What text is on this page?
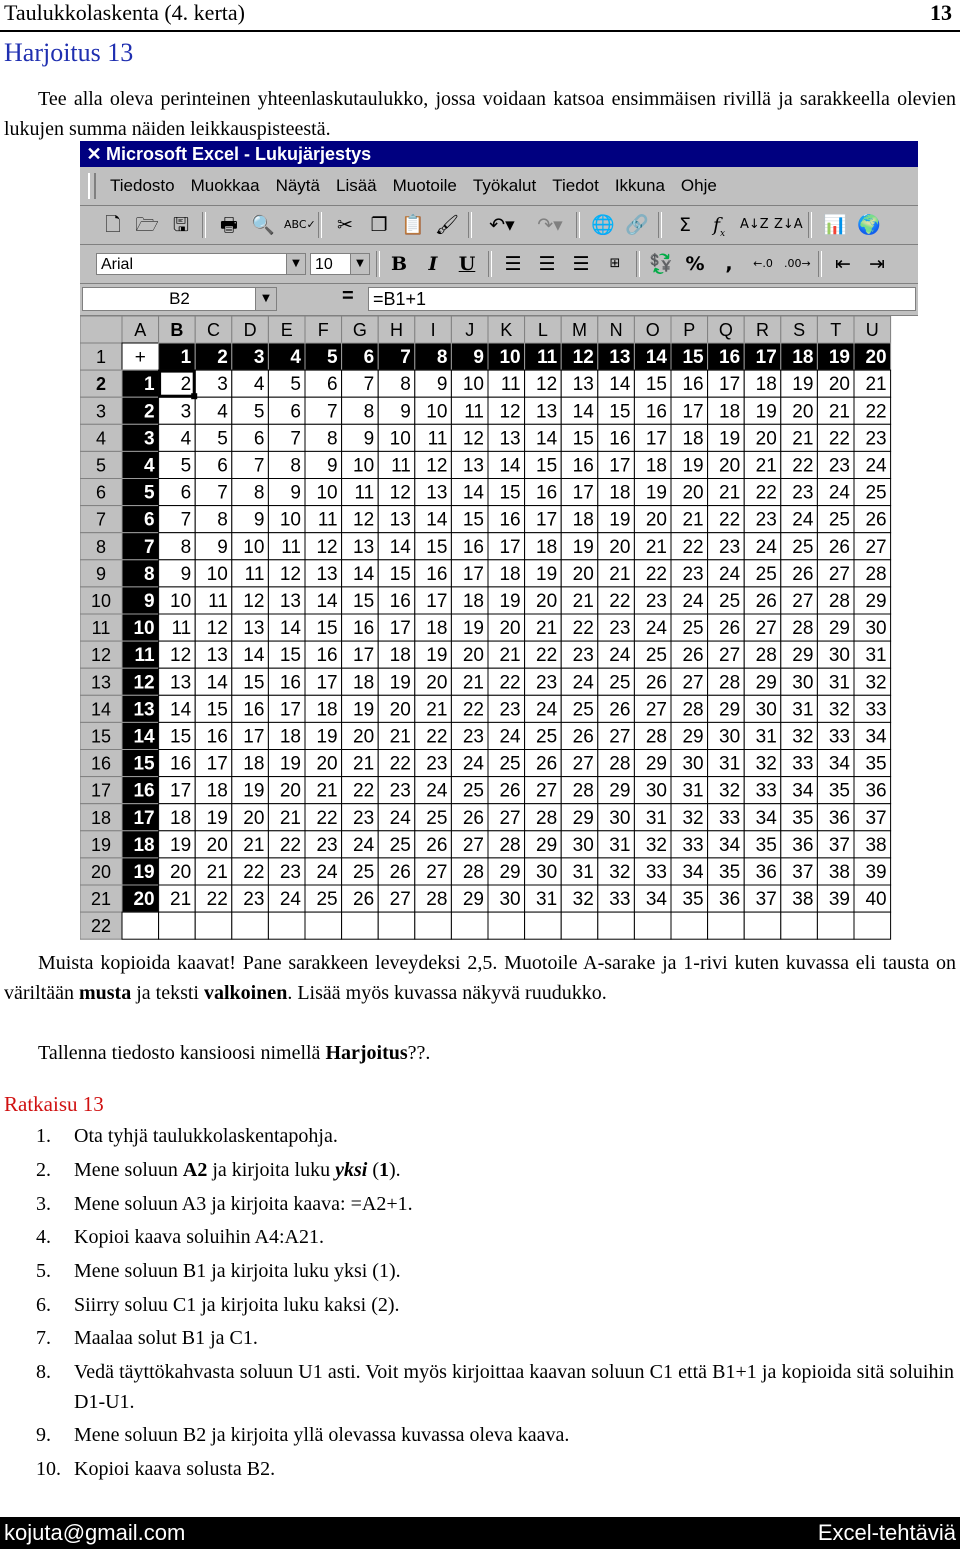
Taulukkolaskenta (4. kerta)	13
Harjoitus 13
Tee alla oleva perinteinen yhteenlaskutaulukko, jossa voidaan katsoa ensimmäisen rivillä ja sarakkeella olevien lukujen summa näiden leikkauspisteestä.
✕ Microsoft Excel - Lukujärjestys
Tiedosto Muokkaa Näytä Lisää Muotoile Työkalut Tiedot Ikkuna Ohje
🗋 🗁 🖫 🖶 🔍 ABC✓ ✂ ❐ 📋 🖌	↶▾	↷▾	🌐 🔗	Σ	$f_x$
A↓Z Z↓A 📊 🌍
Arial	▼ 10	▼ B	I	U ☰ ☰ ☰	⊞	💱 %	,	←.0 .00→ ⇤ ⇥
B2	▼	= =B1+1
A B C D E F G H I J K L M N O P Q R S T U
1 + 1 2 3 4 5 6 7 8 9 10 11 12 13 14 15 16 17 18 19 20
2 1 2 3 4 5 6 7 8 9 10 11 12 13 14 15 16 17 18 19 20 21
3 2 3 4 5 6 7 8 9 10 11 12 13 14 15 16 17 18 19 20 21 22
4 3 4 5 6 7 8 9 10 11 12 13 14 15 16 17 18 19 20 21 22 23
5 4 5 6 7 8 9 10 11 12 13 14 15 16 17 18 19 20 21 22 23 24
6 5 6 7 8 9 10 11 12 13 14 15 16 17 18 19 20 21 22 23 24 25
7 6 7 8 9 10 11 12 13 14 15 16 17 18 19 20 21 22 23 24 25 26
8 7 8 9 10 11 12 13 14 15 16 17 18 19 20 21 22 23 24 25 26 27
9 8 9 10 11 12 13 14 15 16 17 18 19 20 21 22 23 24 25 26 27 28
10 9 10 11 12 13 14 15 16 17 18 19 20 21 22 23 24 25 26 27 28 29
11 10 11 12 13 14 15 16 17 18 19 20 21 22 23 24 25 26 27 28 29 30
12 11 12 13 14 15 16 17 18 19 20 21 22 23 24 25 26 27 28 29 30 31
13 12 13 14 15 16 17 18 19 20 21 22 23 24 25 26 27 28 29 30 31 32
14 13 14 15 16 17 18 19 20 21 22 23 24 25 26 27 28 29 30 31 32 33
15 14 15 16 17 18 19 20 21 22 23 24 25 26 27 28 29 30 31 32 33 34
16 15 16 17 18 19 20 21 22 23 24 25 26 27 28 29 30 31 32 33 34 35
17 16 17 18 19 20 21 22 23 24 25 26 27 28 29 30 31 32 33 34 35 36
18 17 18 19 20 21 22 23 24 25 26 27 28 29 30 31 32 33 34 35 36 37
19 18 19 20 21 22 23 24 25 26 27 28 29 30 31 32 33 34 35 36 37 38
20 19 20 21 22 23 24 25 26 27 28 29 30 31 32 33 34 35 36 37 38 39
21 20 21 22 23 24 25 26 27 28 29 30 31 32 33 34 35 36 37 38 39 40
22
Muista kopioida kaavat! Pane sarakkeen leveydeksi 2,5. Muotoile A-sarake ja 1-rivi kuten kuvassa eli tausta on väriltään musta ja teksti valkoinen. Lisää myös kuvassa näkyvä ruudukko.
Tallenna tiedosto kansioosi nimellä Harjoitus??.
Ratkaisu 13
1. Ota tyhjä taulukkolaskentapohja.
2. Mene soluun A2 ja kirjoita luku yksi (1).
3. Mene soluun A3 ja kirjoita kaava: =A2+1.
4. Kopioi kaava soluihin A4:A21.
5. Mene soluun B1 ja kirjoita luku yksi (1).
6. Siirry soluu C1 ja kirjoita luku kaksi (2).
7. Maalaa solut B1 ja C1.
8. Vedä täyttökahvasta soluun U1 asti. Voit myös kirjoittaa kaavan soluun C1 että B1+1 ja kopioida sitä soluihin D1-U1.
9. Mene soluun B2 ja kirjoita yllä olevassa kuvassa oleva kaava.
10. Kopioi kaava solusta B2.
kojuta@gmail.com	Excel-tehtäviä
